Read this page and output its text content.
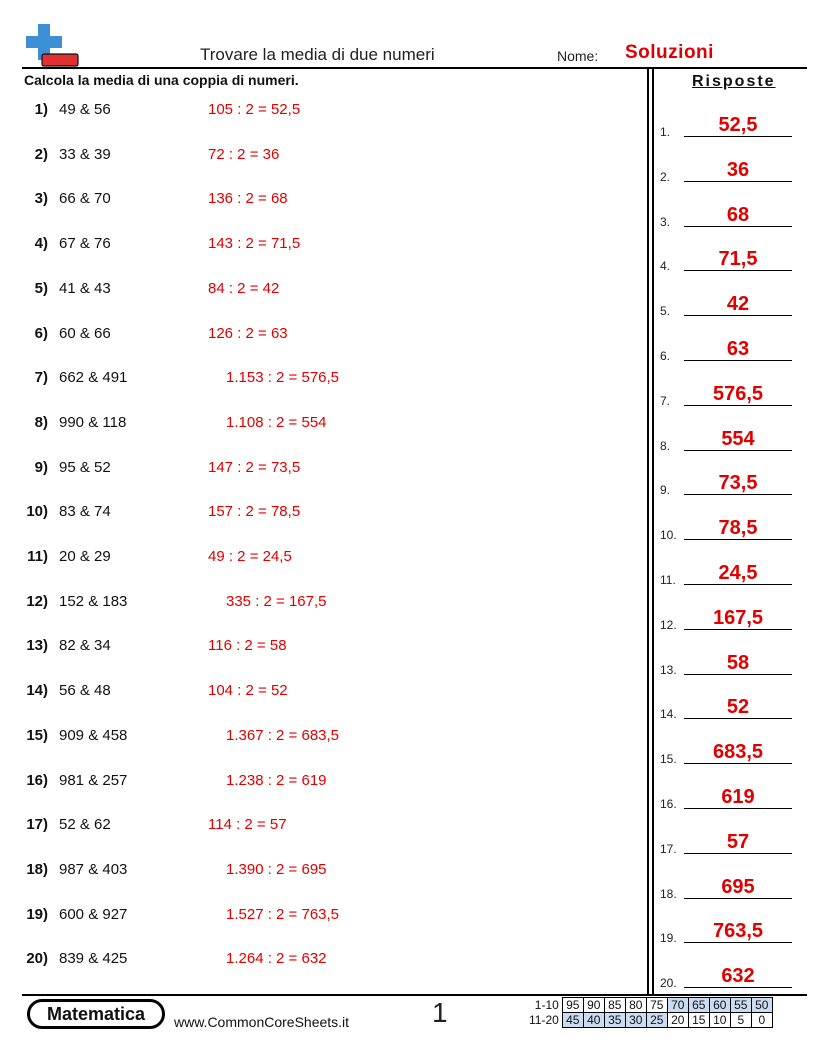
Trovare la media di due numeri	Nome: Soluzioni
Calcola la media di una coppia di numeri.	Risposte
1) 49 & 56	105 : 2 = 52,5
2) 33 & 39	72 : 2 = 36
3) 66 & 70	136 : 2 = 68
4) 67 & 76	143 : 2 = 71,5
5) 41 & 43	84 : 2 = 42
6) 60 & 66	126 : 2 = 63
7) 662 & 491	1.153 : 2 = 576,5
8) 990 & 118	1.108 : 2 = 554
9) 95 & 52	147 : 2 = 73,5
10) 83 & 74	157 : 2 = 78,5
11) 20 & 29	49 : 2 = 24,5
12) 152 & 183	335 : 2 = 167,5
13) 82 & 34	116 : 2 = 58
14) 56 & 48	104 : 2 = 52
15) 909 & 458	1.367 : 2 = 683,5
16) 981 & 257	1.238 : 2 = 619
17) 52 & 62	114 : 2 = 57
18) 987 & 403	1.390 : 2 = 695
19) 600 & 927	1.527 : 2 = 763,5
20) 839 & 425	1.264 : 2 = 632
1.	52,5
2.	36
3.	68
4.	71,5
5.	42
6.	63
7.	576,5
8.	554
9.	73,5
10.	78,5
11.	24,5
12.	167,5
13.	58
14.	52
15.	683,5
16.	619
17.	57
18.	695
19.	763,5
20.	632
Matematica	www.CommonCoreSheets.it	1	1-10	95	90	85	80	75	70	65	60	55	50
11-20	45	40	35	30	25	20	15	10	5	0
